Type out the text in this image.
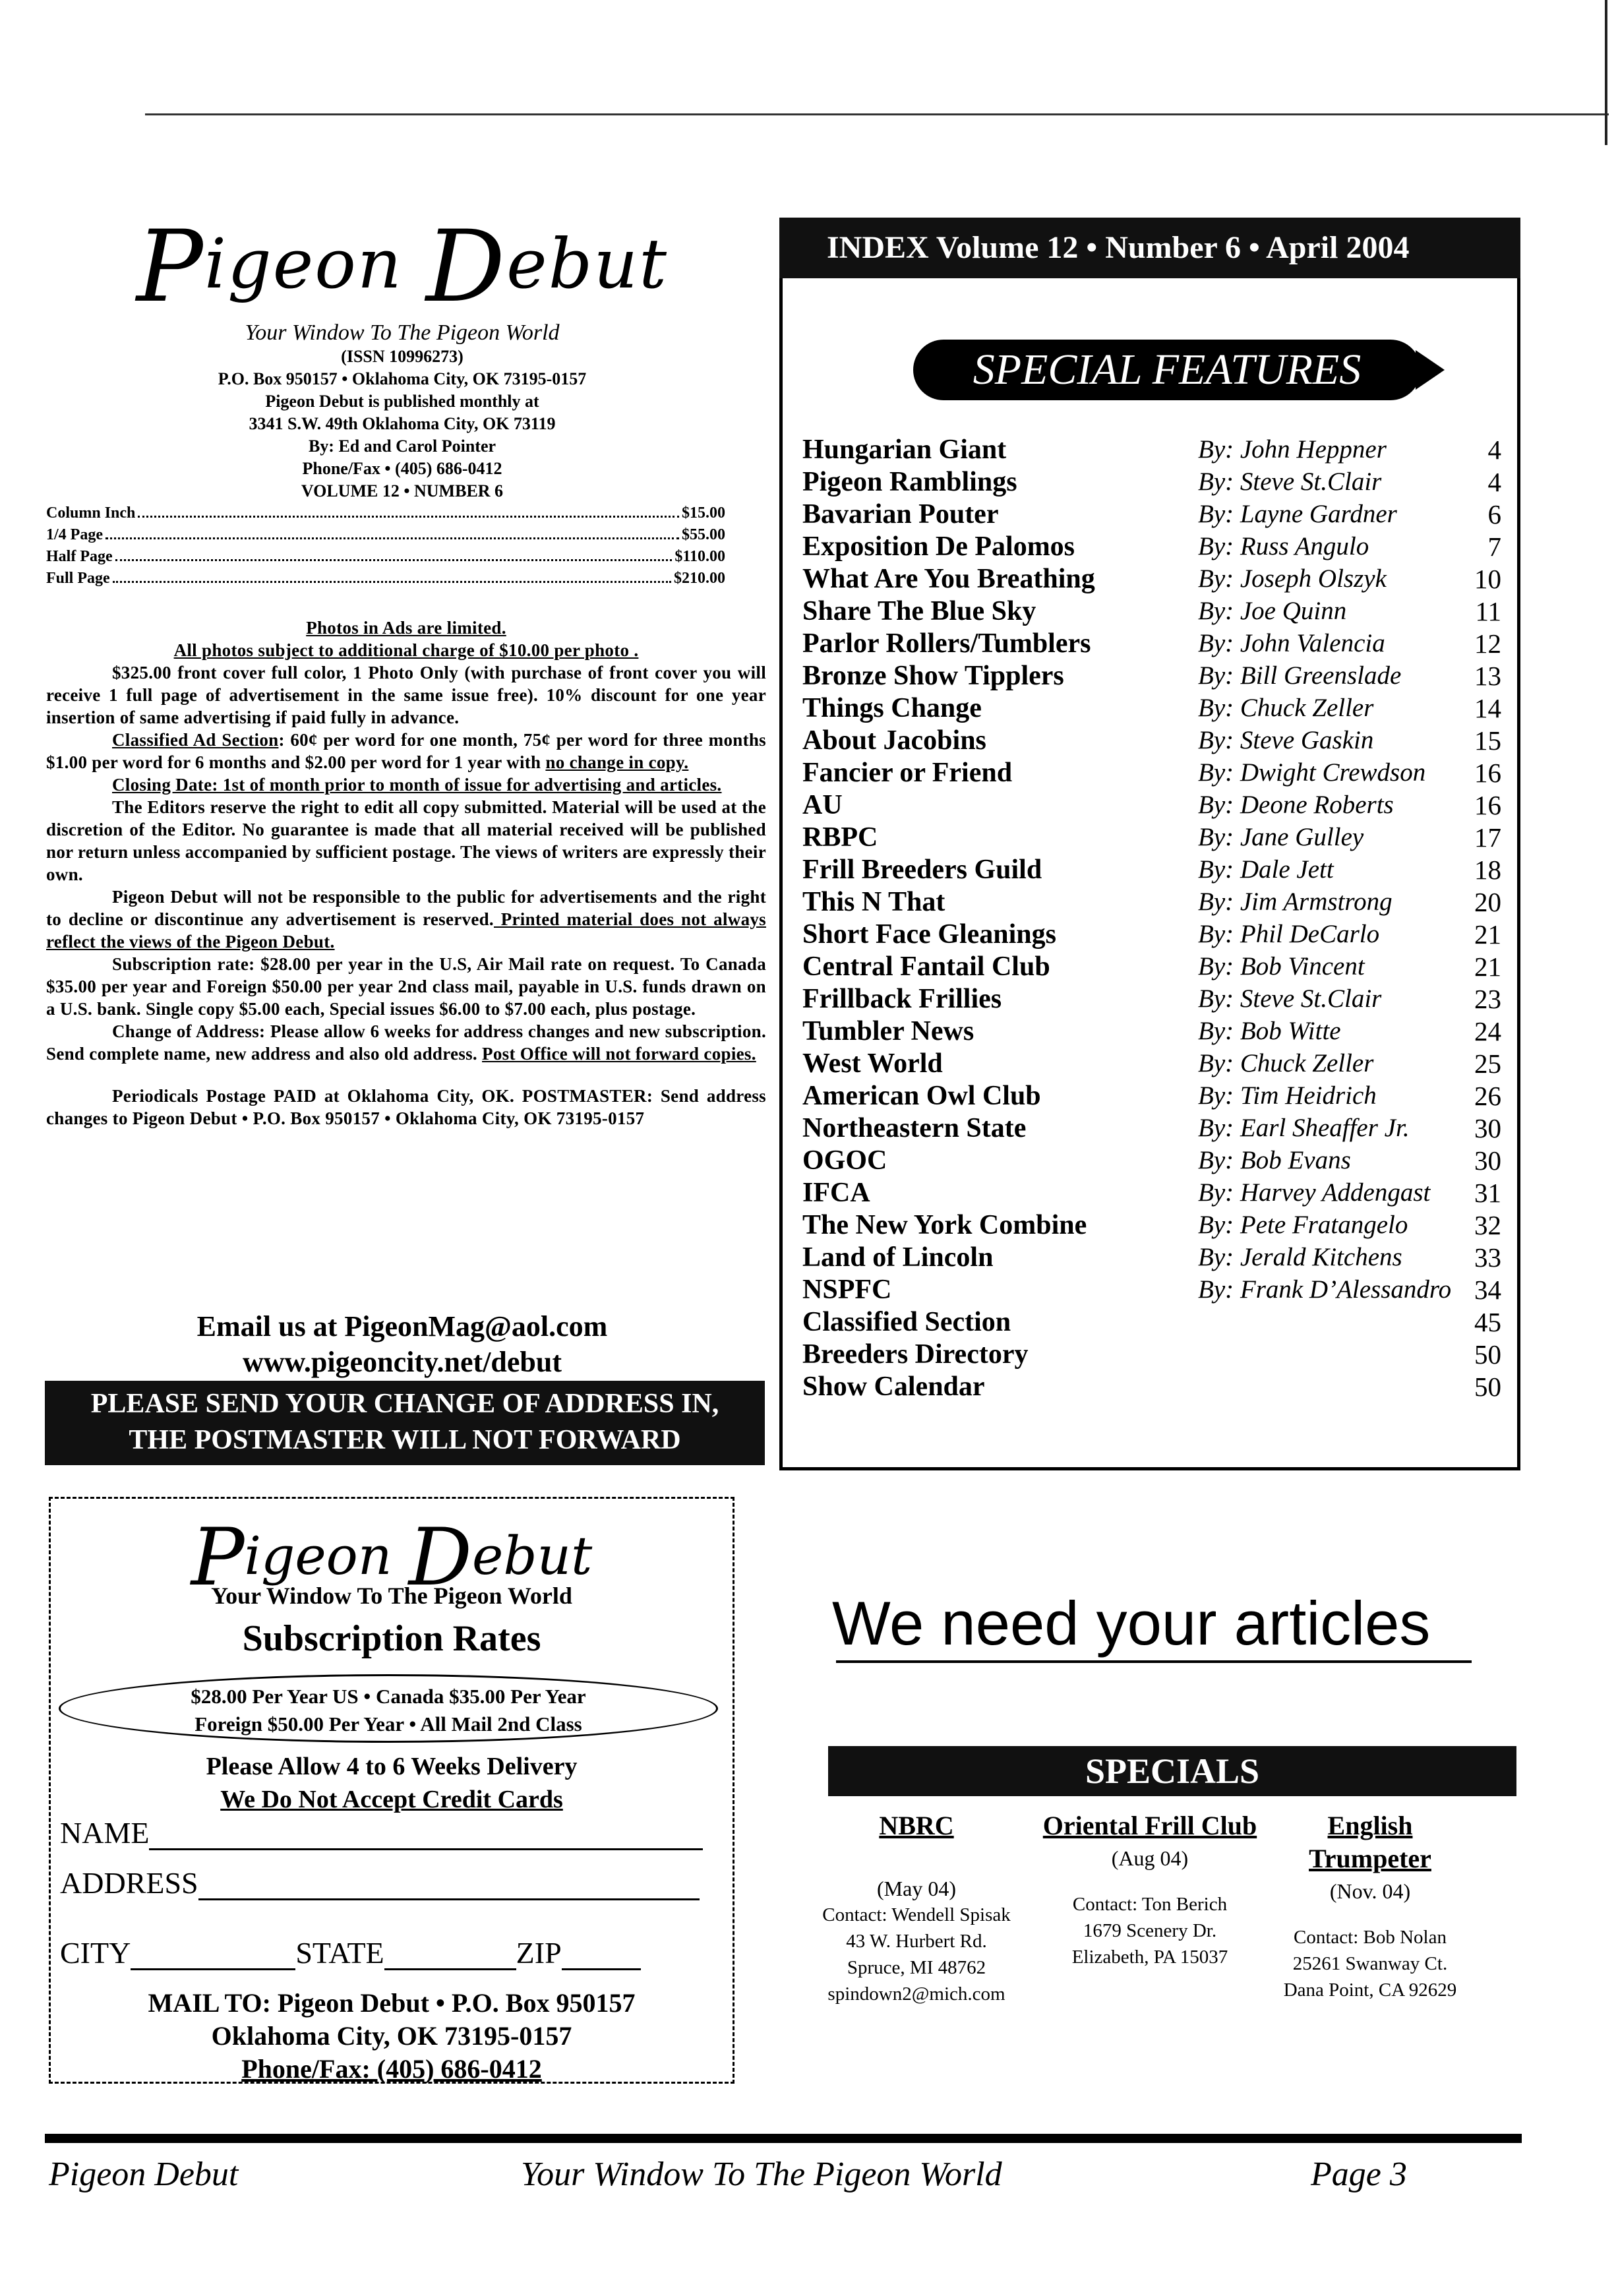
Pigeon Debut
Your Window To The Pigeon World
(ISSN 10996273)
P.O. Box 950157 • Oklahoma City, OK 73195-0157
Pigeon Debut is published monthly at
3341 S.W. 49th Oklahoma City, OK 73119
By: Ed and Carol Pointer
Phone/Fax • (405) 686-0412
VOLUME 12 • NUMBER 6
Column Inch	$15.00
1/4 Page	$55.00
Half Page	$110.00
Full Page	$210.00

Photos in Ads are limited.

All photos subject to additional charge of $10.00 per photo .

$325.00 front cover full color, 1 Photo Only (with purchase of front cover you will receive 1 full page of advertisement in the same issue free). 10% discount for one year insertion of same advertising if paid fully in advance.

Classified Ad Section: 60¢ per word for one month, 75¢ per word for three months $1.00 per word for 6 months and $2.00 per word for 1 year with no change in copy.

Closing Date: 1st of month prior to month of issue for advertising and articles.

The Editors reserve the right to edit all copy submitted. Material will be used at the discretion of the Editor. No guarantee is made that all material received will be published nor return unless accompanied by sufficient postage. The views of writers are expressly their own.

Pigeon Debut will not be responsible to the public for advertisements and the right to decline or discontinue any advertisement is reserved. Printed material does not always reflect the views of the Pigeon Debut.

Subscription rate: $28.00 per year in the U.S, Air Mail rate on request. To Canada $35.00 per year and Foreign $50.00 per year 2nd class mail, payable in U.S. funds drawn on a U.S. bank. Single copy $5.00 each, Special issues $6.00 to $7.00 each, plus postage.

Change of Address: Please allow 6 weeks for address changes and new subscription. Send complete name, new address and also old address. Post Office will not forward copies.

Periodicals Postage PAID at Oklahoma City, OK. POSTMASTER: Send address changes to Pigeon Debut • P.O. Box 950157 • Oklahoma City, OK 73195-0157

Email us at PigeonMag@aol.com
www.pigeoncity.net/debut
PLEASE SEND YOUR CHANGE OF ADDRESS IN,
THE POSTMASTER WILL NOT FORWARD
INDEX Volume 12 • Number 6 • April 2004
SPECIAL FEATURES
Hungarian Giant	By: John Heppner	4
Pigeon Ramblings	By: Steve St.Clair	4
Bavarian Pouter	By: Layne Gardner	6
Exposition De Palomos	By: Russ Angulo	7
What Are You Breathing	By: Joseph Olszyk	10
Share The Blue Sky	By: Joe Quinn	11
Parlor Rollers/Tumblers	By: John Valencia	12
Bronze Show Tipplers	By: Bill Greenslade	13
Things Change	By: Chuck Zeller	14
About Jacobins	By: Steve Gaskin	15
Fancier or Friend	By: Dwight Crewdson	16
AU	By: Deone Roberts	16
RBPC	By: Jane Gulley	17
Frill Breeders Guild	By: Dale Jett	18
This N That	By: Jim Armstrong	20
Short Face Gleanings	By: Phil DeCarlo	21
Central Fantail Club	By: Bob Vincent	21
Frillback Frillies	By: Steve St.Clair	23
Tumbler News	By: Bob Witte	24
West World	By: Chuck Zeller	25
American Owl Club	By: Tim Heidrich	26
Northeastern State	By: Earl Sheaffer Jr.	30
OGOC	By: Bob Evans	30
IFCA	By: Harvey Addengast	31
The New York Combine	By: Pete Fratangelo	32
Land of Lincoln	By: Jerald Kitchens	33
NSPFC	By: Frank D’Alessandro 34
Classified Section	45
Breeders Directory	50
Show Calendar	50
Pigeon Debut
Your Window To The Pigeon World
Subscription Rates
$28.00 Per Year US • Canada $35.00 Per Year
Foreign $50.00 Per Year • All Mail 2nd Class
Please Allow 4 to 6 Weeks Delivery
We Do Not Accept Credit Cards
NAME
ADDRESS
CITY	STATE	ZIP
MAIL TO: Pigeon Debut • P.O. Box 950157
Oklahoma City, OK 73195-0157
Phone/Fax: (405) 686-0412
We need your articles
SPECIALS
NBRC
(May 04)
Contact: Wendell Spisak
43 W. Hurbert Rd.
Spruce, MI 48762
spindown2@mich.com
Oriental Frill Club
(Aug 04)
Contact: Ton Berich
1679 Scenery Dr.
Elizabeth, PA 15037
English Trumpeter
(Nov. 04)
Contact: Bob Nolan
25261 Swanway Ct.
Dana Point, CA 92629
Pigeon Debut	Your Window To The Pigeon World	Page 3
